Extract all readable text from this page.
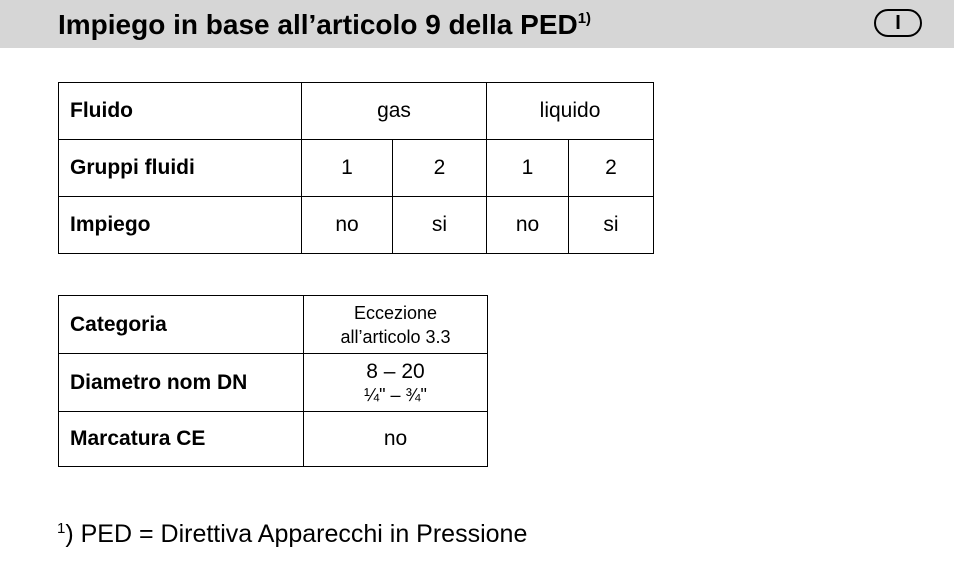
Impiego in base all’articolo 9 della PED$^{1)}$	I
Fluido	gas		liquido	
Gruppi fluidi	1	2	1	2
Impiego	no	si	no	si
Categoria	Eccezione
all’articolo 3.3

Diametro nom DN	8 – 20
¼" – ¾"

Marcatura CE	no
$^1$) PED = Direttiva Apparecchi in Pressione
